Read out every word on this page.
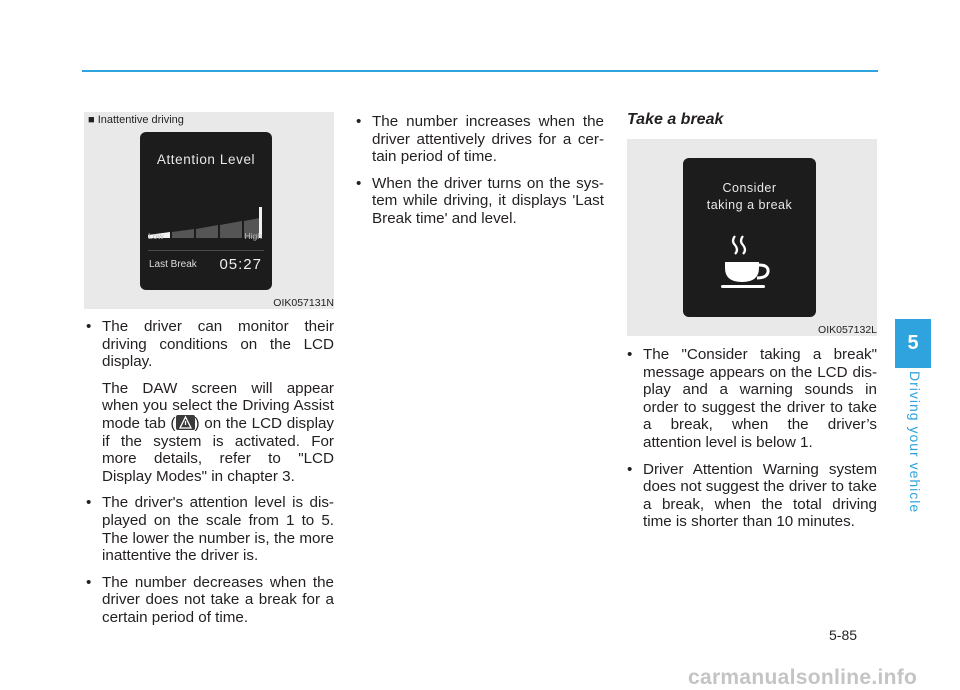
■ Inattentive driving
Attention Level
Low	High
Last Break 05:27
OIK057131N
• The driver can monitor their driving conditions on the LCD display.

The DAW screen will appear when you select the Driving Assist mode tab ( ) on the LCD display if the system is activated. For more details, refer to "LCD Display Modes" in chapter 3.

• The driver's attention level is dis-played on the scale from 1 to 5. The lower the number is, the more inattentive the driver is.
• The number decreases when the driver does not take a break for a certain period of time.
• The number increases when the driver attentively drives for a cer-tain period of time.
• When the driver turns on the sys-tem while driving, it displays 'Last Break time' and level.
Take a break
Consider
taking a break
OIK057132L
• The "Consider taking a break" message appears on the LCD dis-play and a warning sounds in order to suggest the driver to take a break, when the driver’s attention level is below 1.
• Driver Attention Warning system does not suggest the driver to take a break, when the total driving time is shorter than 10 minutes.
5
Driving your vehicle
5-85
carmanualsonline.info
